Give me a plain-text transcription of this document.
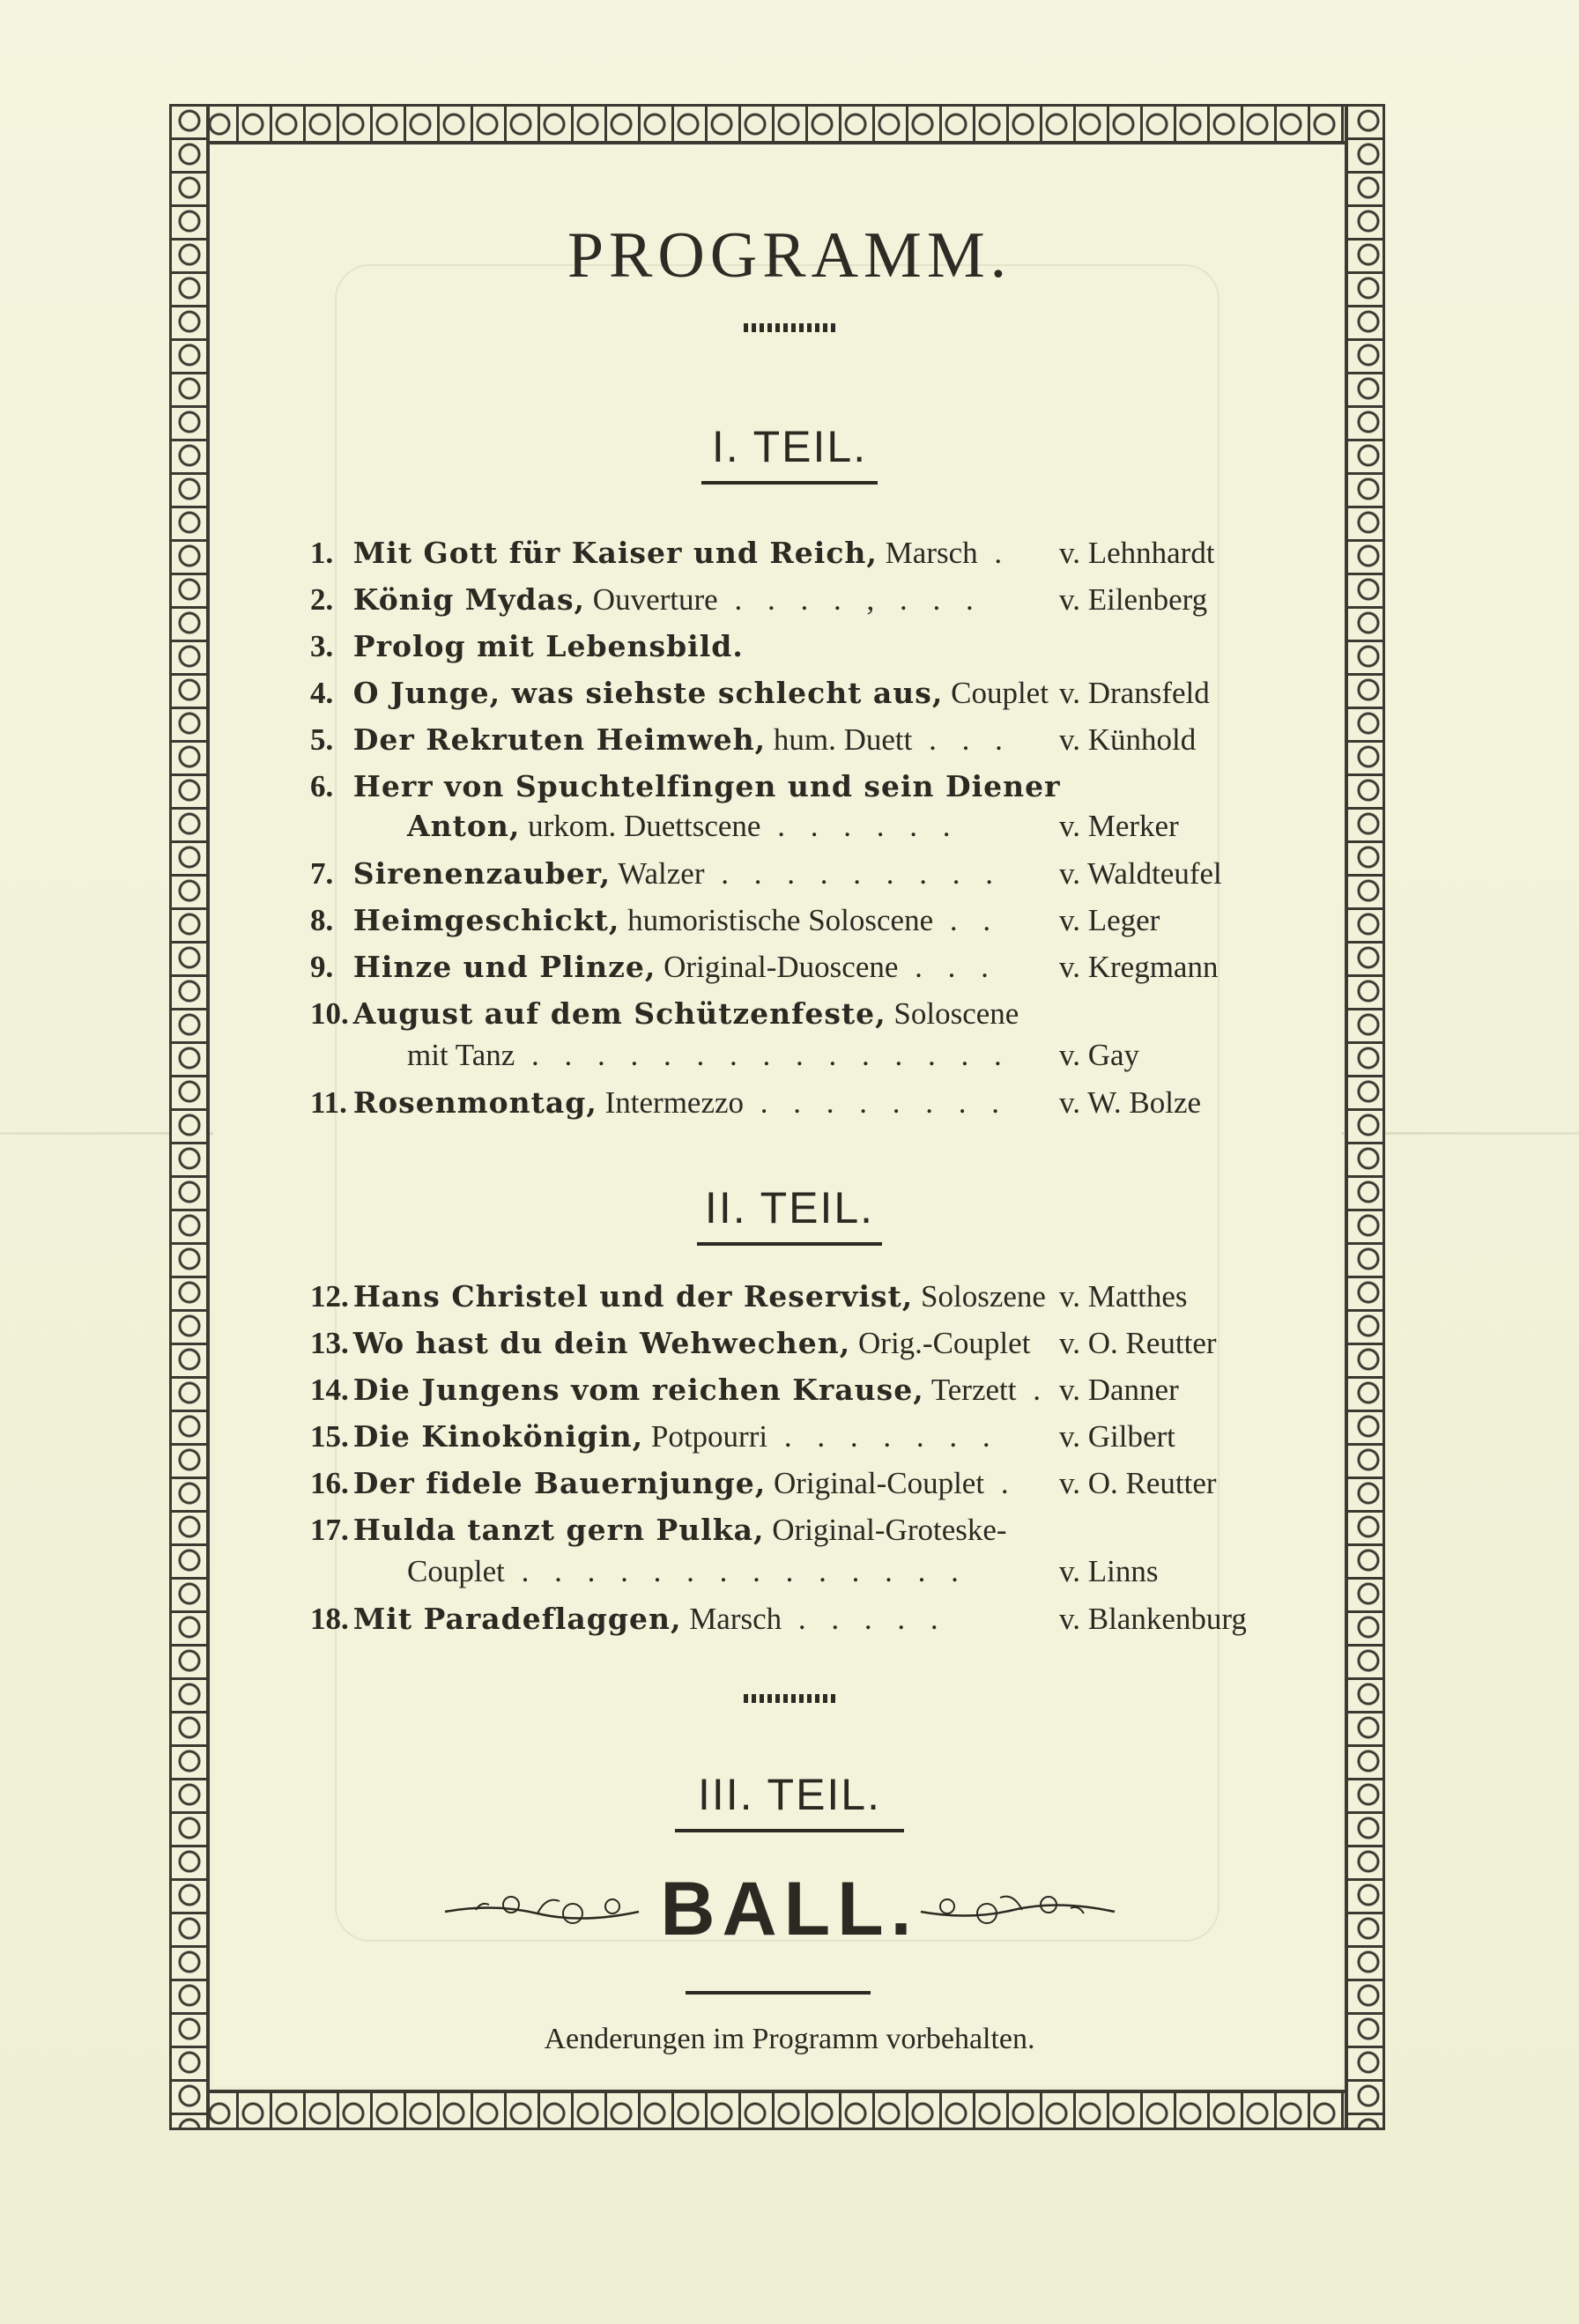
PROGRAMM.
I. TEIL.
1. Mit Gott für Kaiser und Reich, Marsch . v. Lehnhardt
2. König Mydas, Ouverture . . . . , . . . v. Eilenberg
3. Prolog mit Lebensbild.
4. O Junge, was siehste schlecht aus, Couplet v. Dransfeld
5. Der Rekruten Heimweh, hum. Duett . . . v. Künhold
6. Herr von Spuchtelfingen und sein Diener
Anton, urkom. Duettscene . . . . . .	v. Merker
7. Sirenenzauber, Walzer . . . . . . . . . v. Waldteufel
8. Heimgeschickt, humoristische Soloscene . . v. Leger
9. Hinze und Plinze, Original-Duoscene . . . v. Kregmann
10. August auf dem Schützenfeste, Soloscene
mit Tanz . . . . . . . . . . . . . . . v. Gay
11. Rosenmontag, Intermezzo . . . . . . . . v. W. Bolze
II. TEIL.
12. Hans Christel und der Reservist, Soloszene v. Matthes
13. Wo hast du dein Wehwechen, Orig.-Couplet v. O. Reutter
14. Die Jungens vom reichen Krause, Terzett . v. Danner
15. Die Kinokönigin, Potpourri . . . . . . . v. Gilbert
16. Der fidele Bauernjunge, Original-Couplet . v. O. Reutter
17. Hulda tanzt gern Pulka, Original-Groteske-
Couplet . . . . . . . . . . . . . .	v. Linns
18. Mit Paradeflaggen, Marsch . . . . .	v. Blankenburg
III. TEIL.
BALL.
Aenderungen im Programm vorbehalten.
